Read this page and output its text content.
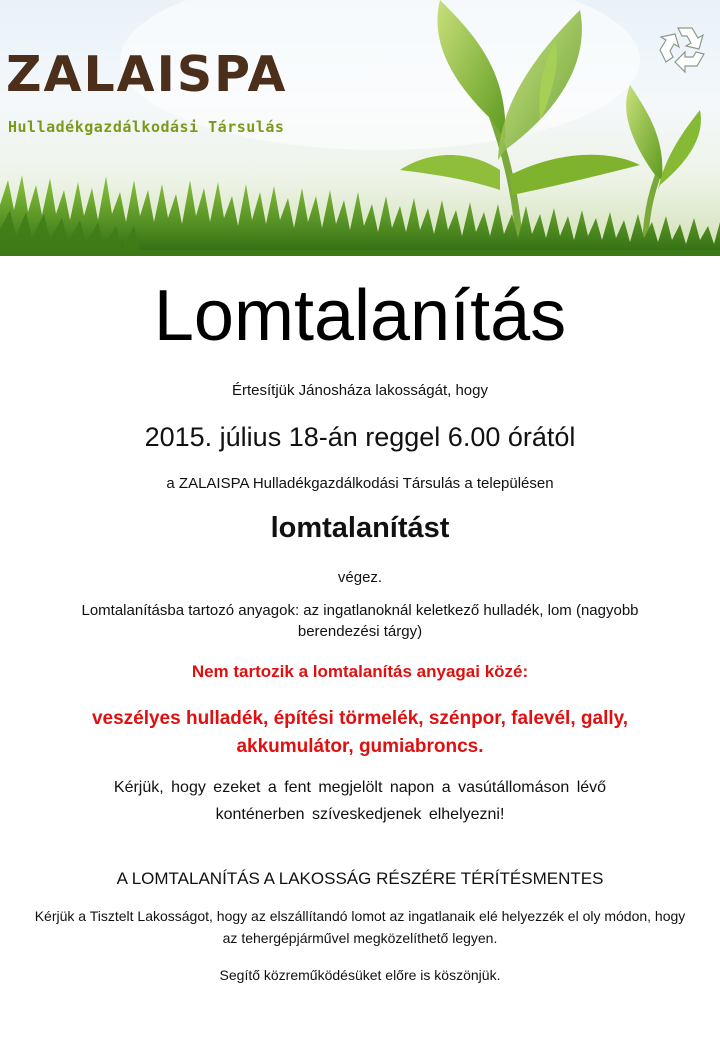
ZALAISPA
Hulladékgazdálkodási Társulás
Lomtalanítás

Értesítjük Jánosháza lakosságát, hogy

2015. július 18-án reggel 6.00 órától

a ZALAISPA Hulladékgazdálkodási Társulás a településen

lomtalanítást

végez.

Lomtalanításba tartozó anyagok: az ingatlanoknál keletkező hulladék, lom (nagyobb berendezési tárgy)

Nem tartozik a lomtalanítás anyagai közé:

veszélyes hulladék, építési törmelék, szénpor, falevél, gally, akkumulátor, gumiabroncs.

Kérjük, hogy ezeket a fent megjelölt napon a vasútállomáson lévő konténerben szíveskedjenek elhelyezni!

A LOMTALANÍTÁS A LAKOSSÁG RÉSZÉRE TÉRÍTÉSMENTES

Kérjük a Tisztelt Lakosságot, hogy az elszállítandó lomot az ingatlanaik elé helyezzék el oly módon, hogy az tehergépjárművel megközelíthető legyen.

Segítő közreműködésüket előre is köszönjük.
